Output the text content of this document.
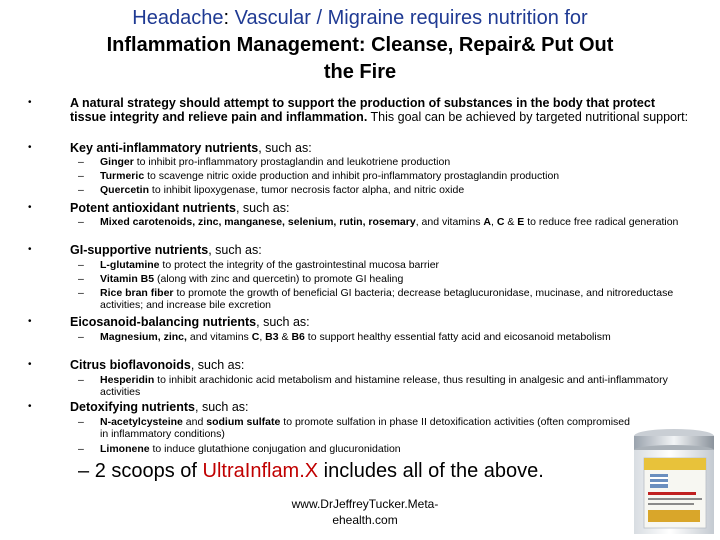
Headache: Vascular / Migraine requires nutrition for
Inflammation Management: Cleanse, Repair& Put Out
the Fire
•	A natural strategy should attempt to support the production of substances in the body that protect tissue integrity and relieve pain and inflammation. This goal can be achieved by targeted nutritional support:
•	Key anti-inflammatory nutrients, such as:
– Ginger to inhibit pro-inflammatory prostaglandin and leukotriene production
– Turmeric to scavenge nitric oxide production and inhibit pro-inflammatory prostaglandin production
– Quercetin to inhibit lipoxygenase, tumor necrosis factor alpha, and nitric oxide
•	Potent antioxidant nutrients, such as:
– Mixed carotenoids, zinc, manganese, selenium, rutin, rosemary, and vitamins A, C & E to reduce free radical generation
•	GI-supportive nutrients, such as:
– L-glutamine to protect the integrity of the gastrointestinal mucosa barrier
– Vitamin B5 (along with zinc and quercetin) to promote GI healing
– Rice bran fiber to promote the growth of beneficial GI bacteria; decrease betaglucuronidase, mucinase, and nitroreductase activities; and increase bile excretion
•	Eicosanoid-balancing nutrients, such as:
– Magnesium, zinc, and vitamins C, B3 & B6 to support healthy essential fatty acid and eicosanoid metabolism
•	Citrus bioflavonoids, such as:
– Hesperidin to inhibit arachidonic acid metabolism and histamine release, thus resulting in analgesic and anti-inflammatory activities
•	Detoxifying nutrients, such as:
– N-acetylcysteine and sodium sulfate to promote sulfation in phase II detoxification activities (often compromised in inflammatory conditions)
– Limonene to induce glutathione conjugation and glucuronidation
– 2 scoops of UltraInflam.X includes all of the above.
www.DrJeffreyTucker.Meta-
ehealth.com
